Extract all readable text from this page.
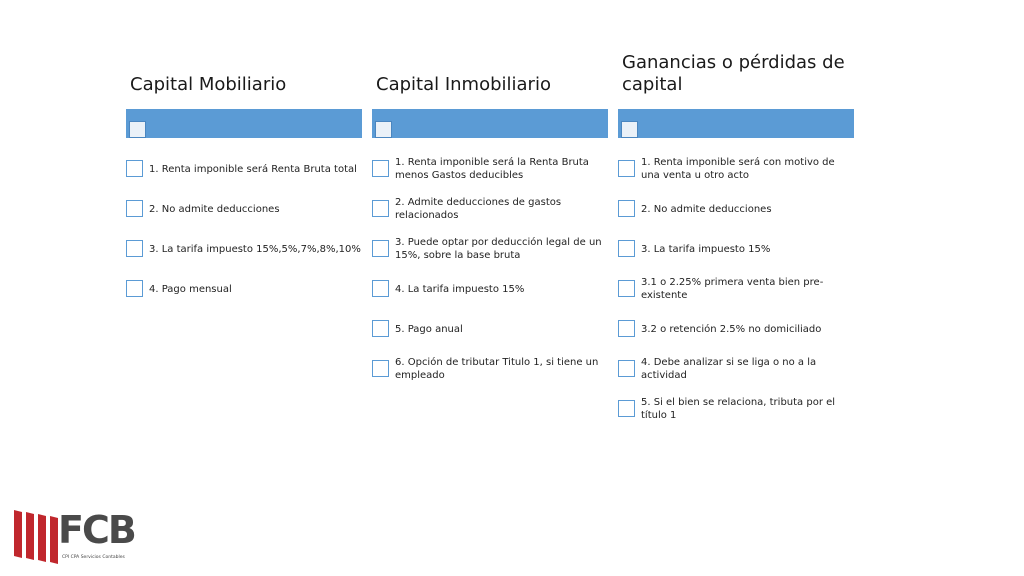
Capital Mobiliario
1. Renta imponible será Renta Bruta total
2. No admite deducciones
3. La tarifa impuesto 15%,5%,7%,8%,10%
4. Pago mensual
Capital Inmobiliario
1. Renta imponible será la Renta Bruta menos Gastos deducibles
2. Admite deducciones de gastos relacionados
3. Puede optar por deducción legal de un 15%, sobre la base bruta
4. La tarifa impuesto 15%
5. Pago anual
6. Opción de tributar Titulo 1, si tiene un empleado
Ganancias o pérdidas de capital
1. Renta imponible será con motivo de una venta u otro acto
2. No admite deducciones
3. La tarifa impuesto 15%
3.1 o 2.25% primera venta bien pre-existente
3.2 o retención 2.5% no domiciliado
4. Debe analizar si se liga o no a la actividad
5. Si el bien se relaciona, tributa por el título 1
FCB
CPI CPA Servicios Contables
